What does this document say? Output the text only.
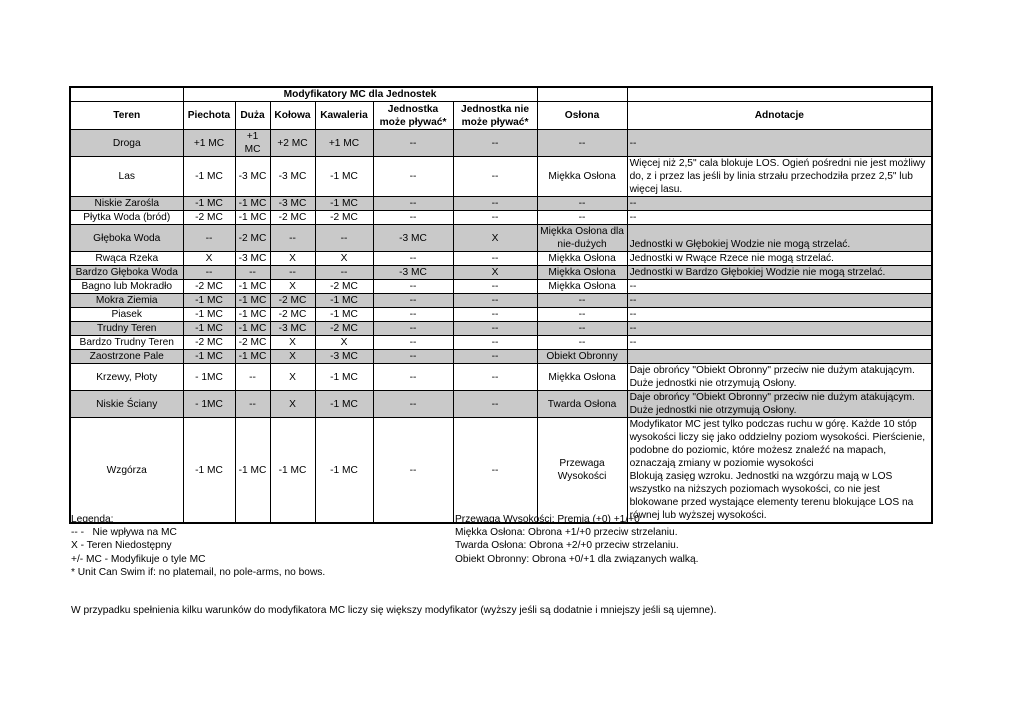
	Modyfikatory MC dla Jednostek							
Teren	Piechota	Duża	Kołowa	Kawaleria	Jednostka może pływać*	Jednostka nie może pływać*	Osłona	Adnotacje
Droga	+1 MC	+1 MC	+2 MC	+1 MC	--	--	--	--
Las	-1 MC	-3 MC	-3 MC	-1 MC	--	--	Miękka Osłona	Więcej niż 2,5" cala blokuje LOS. Ogień pośredni nie jest możliwy do, z i przez las jeśli by linia strzału przechodziła przez 2,5" lub więcej lasu.
Niskie Zarośla	-1 MC	-1 MC	-3 MC	-1 MC	--	--	--	--
Płytka Woda (bród)	-2 MC	-1 MC	-2 MC	-2 MC	--	--	--	--
Głęboka Woda	--	-2 MC	--	--	-3 MC	X	Miękka Osłona dla nie-dużych	Jednostki w Głębokiej Wodzie nie mogą strzelać.
Rwąca Rzeka	X	-3 MC	X	X	--	--	Miękka Osłona	Jednostki w Rwące Rzece nie mogą strzelać.
Bardzo Głęboka Woda	--	--	--	--	-3 MC	X	Miękka Osłona	Jednostki w Bardzo Głębokiej Wodzie nie mogą strzelać.
Bagno lub Mokradło	-2 MC	-1 MC	X	-2 MC	--	--	Miękka Osłona	--
Mokra Ziemia	-1 MC	-1 MC	-2 MC	-1 MC	--	--	--	--
Piasek	-1 MC	-1 MC	-2 MC	-1 MC	--	--	--	--
Trudny Teren	-1 MC	-1 MC	-3 MC	-2 MC	--	--	--	--
Bardzo Trudny Teren	-2 MC	-2 MC	X	X	--	--	--	--
Zaostrzone Pale	-1 MC	-1 MC	X	-3 MC	--	--	Obiekt Obronny	
Krzewy, Płoty	- 1MC	--	X	-1 MC	--	--	Miękka Osłona	Daje obrońcy "Obiekt Obronny" przeciw nie dużym atakującym. Duże jednostki nie otrzymują Osłony.
Niskie Ściany	- 1MC	--	X	-1 MC	--	--	Twarda Osłona	Daje obrońcy "Obiekt Obronny" przeciw nie dużym atakującym. Duże jednostki nie otrzymują Osłony.
Wzgórza	-1 MC	-1 MC	-1 MC	-1 MC	--	--	Przewaga Wysokości	Modyfikator MC jest tylko podczas ruchu w górę. Każde 10 stóp wysokości liczy się jako oddzielny poziom wysokości. Pierścienie, podobne do poziomic, które możesz znaleźć na mapach, oznaczają zmiany w poziomie wysokości
Blokują zasięg wzroku. Jednostki na wzgórzu mają w LOS wszystko na niższych poziomach wysokości, co nie jest blokowane przed wystające elementy terenu blokujące LOS na równej lub wyższej wysokości.
Legenda:
-- -   Nie wpływa na MC
X - Teren Niedostępny
+/- MC - Modyfikuje o tyle MC
* Unit Can Swim if: no platemail, no pole-arms, no bows.
Przewaga Wysokości: Premia (+0) +1/+0
Miękka Osłona: Obrona +1/+0 przeciw strzelaniu.
Twarda Osłona: Obrona +2/+0 przeciw strzelaniu.
Obiekt Obronny: Obrona +0/+1 dla związanych walką.
W przypadku spełnienia kilku warunków do modyfikatora MC liczy się większy modyfikator (wyższy jeśli są dodatnie i mniejszy jeśli są ujemne).
